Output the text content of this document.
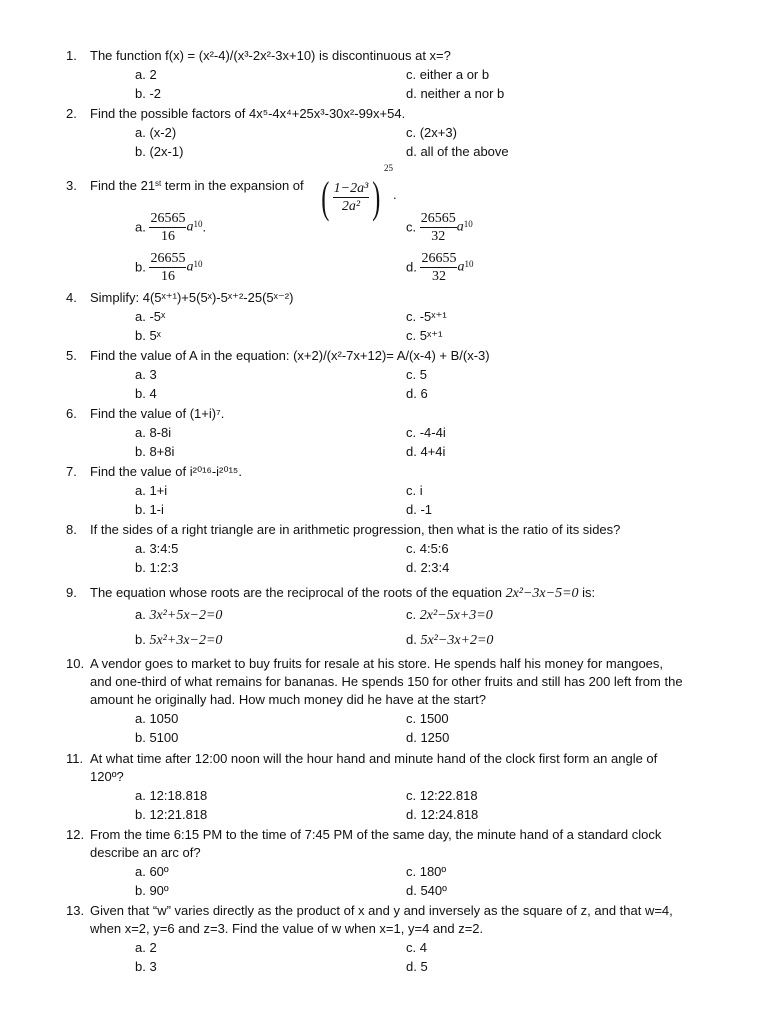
1. The function f(x) = (x²-4)/(x³-2x²-3x+10) is discontinuous at x=?
a. 2	c. either a or b
b. -2	d. neither a nor b
2. Find the possible factors of 4x⁵-4x⁴+25x³-30x²-99x+54.
a. (x-2)	c. (2x+3)
b. (2x-1)	d. all of the above
3. Find the 21st term in the expansion of ( $\frac{\text{1−2a³}}{\text{2a²}} )^{25}$.
a. $\frac{26565}{16} a^{10}$.	c. $\frac{26565}{32} a^{10}$
b. $\frac{26655}{16} a^{10}$	d. $\frac{26655}{32} a^{10}$
4. Simplify: 4(5ˣ⁺¹)+5(5ˣ)-5ˣ⁺²-25(5ˣ⁻²)
a. -5ˣ	c. -5ˣ⁺¹
b. 5ˣ	c. 5ˣ⁺¹
5. Find the value of A in the equation: (x+2)/(x²-7x+12)= A/(x-4) + B/(x-3)
a. 3	c. 5
b. 4	d. 6
6. Find the value of (1+i)⁷.
a. 8-8i	c. -4-4i
b. 8+8i	d. 4+4i
7. Find the value of i²⁰¹⁶-i²⁰¹⁵.
a. 1+i	c. i
b. 1-i	d. -1
8. If the sides of a right triangle are in arithmetic progression, then what is the ratio of its sides?
a. 3:4:5	c. 4:5:6
b. 1:2:3	d. 2:3:4
9. The equation whose roots are the reciprocal of the roots of the equation 2x²−3x−5=0 is:
a. 3x²+5x−2=0	c. 2x²−5x+3=0
b. 5x²+3x−2=0	d. 5x²−3x+2=0
10. A vendor goes to market to buy fruits for resale at his store. He spends half his money for mangoes,
and one-third of what remains for bananas. He spends 150 for other fruits and still has 200 left from the
amount he originally had. How much money did he have at the start?
a. 1050	c. 1500
b. 5100	d. 1250
11. At what time after 12:00 noon will the hour hand and minute hand of the clock first form an angle of
120º?
a. 12:18.818	c. 12:22.818
b. 12:21.818	d. 12:24.818
12. From the time 6:15 PM to the time of 7:45 PM of the same day, the minute hand of a standard clock
describe an arc of?
a. 60º	c. 180º
b. 90º	d. 540º
13. Given that “w” varies directly as the product of x and y and inversely as the square of z, and that w=4,
when x=2, y=6 and z=3. Find the value of w when x=1, y=4 and z=2.
a. 2	c. 4
b. 3	d. 5
